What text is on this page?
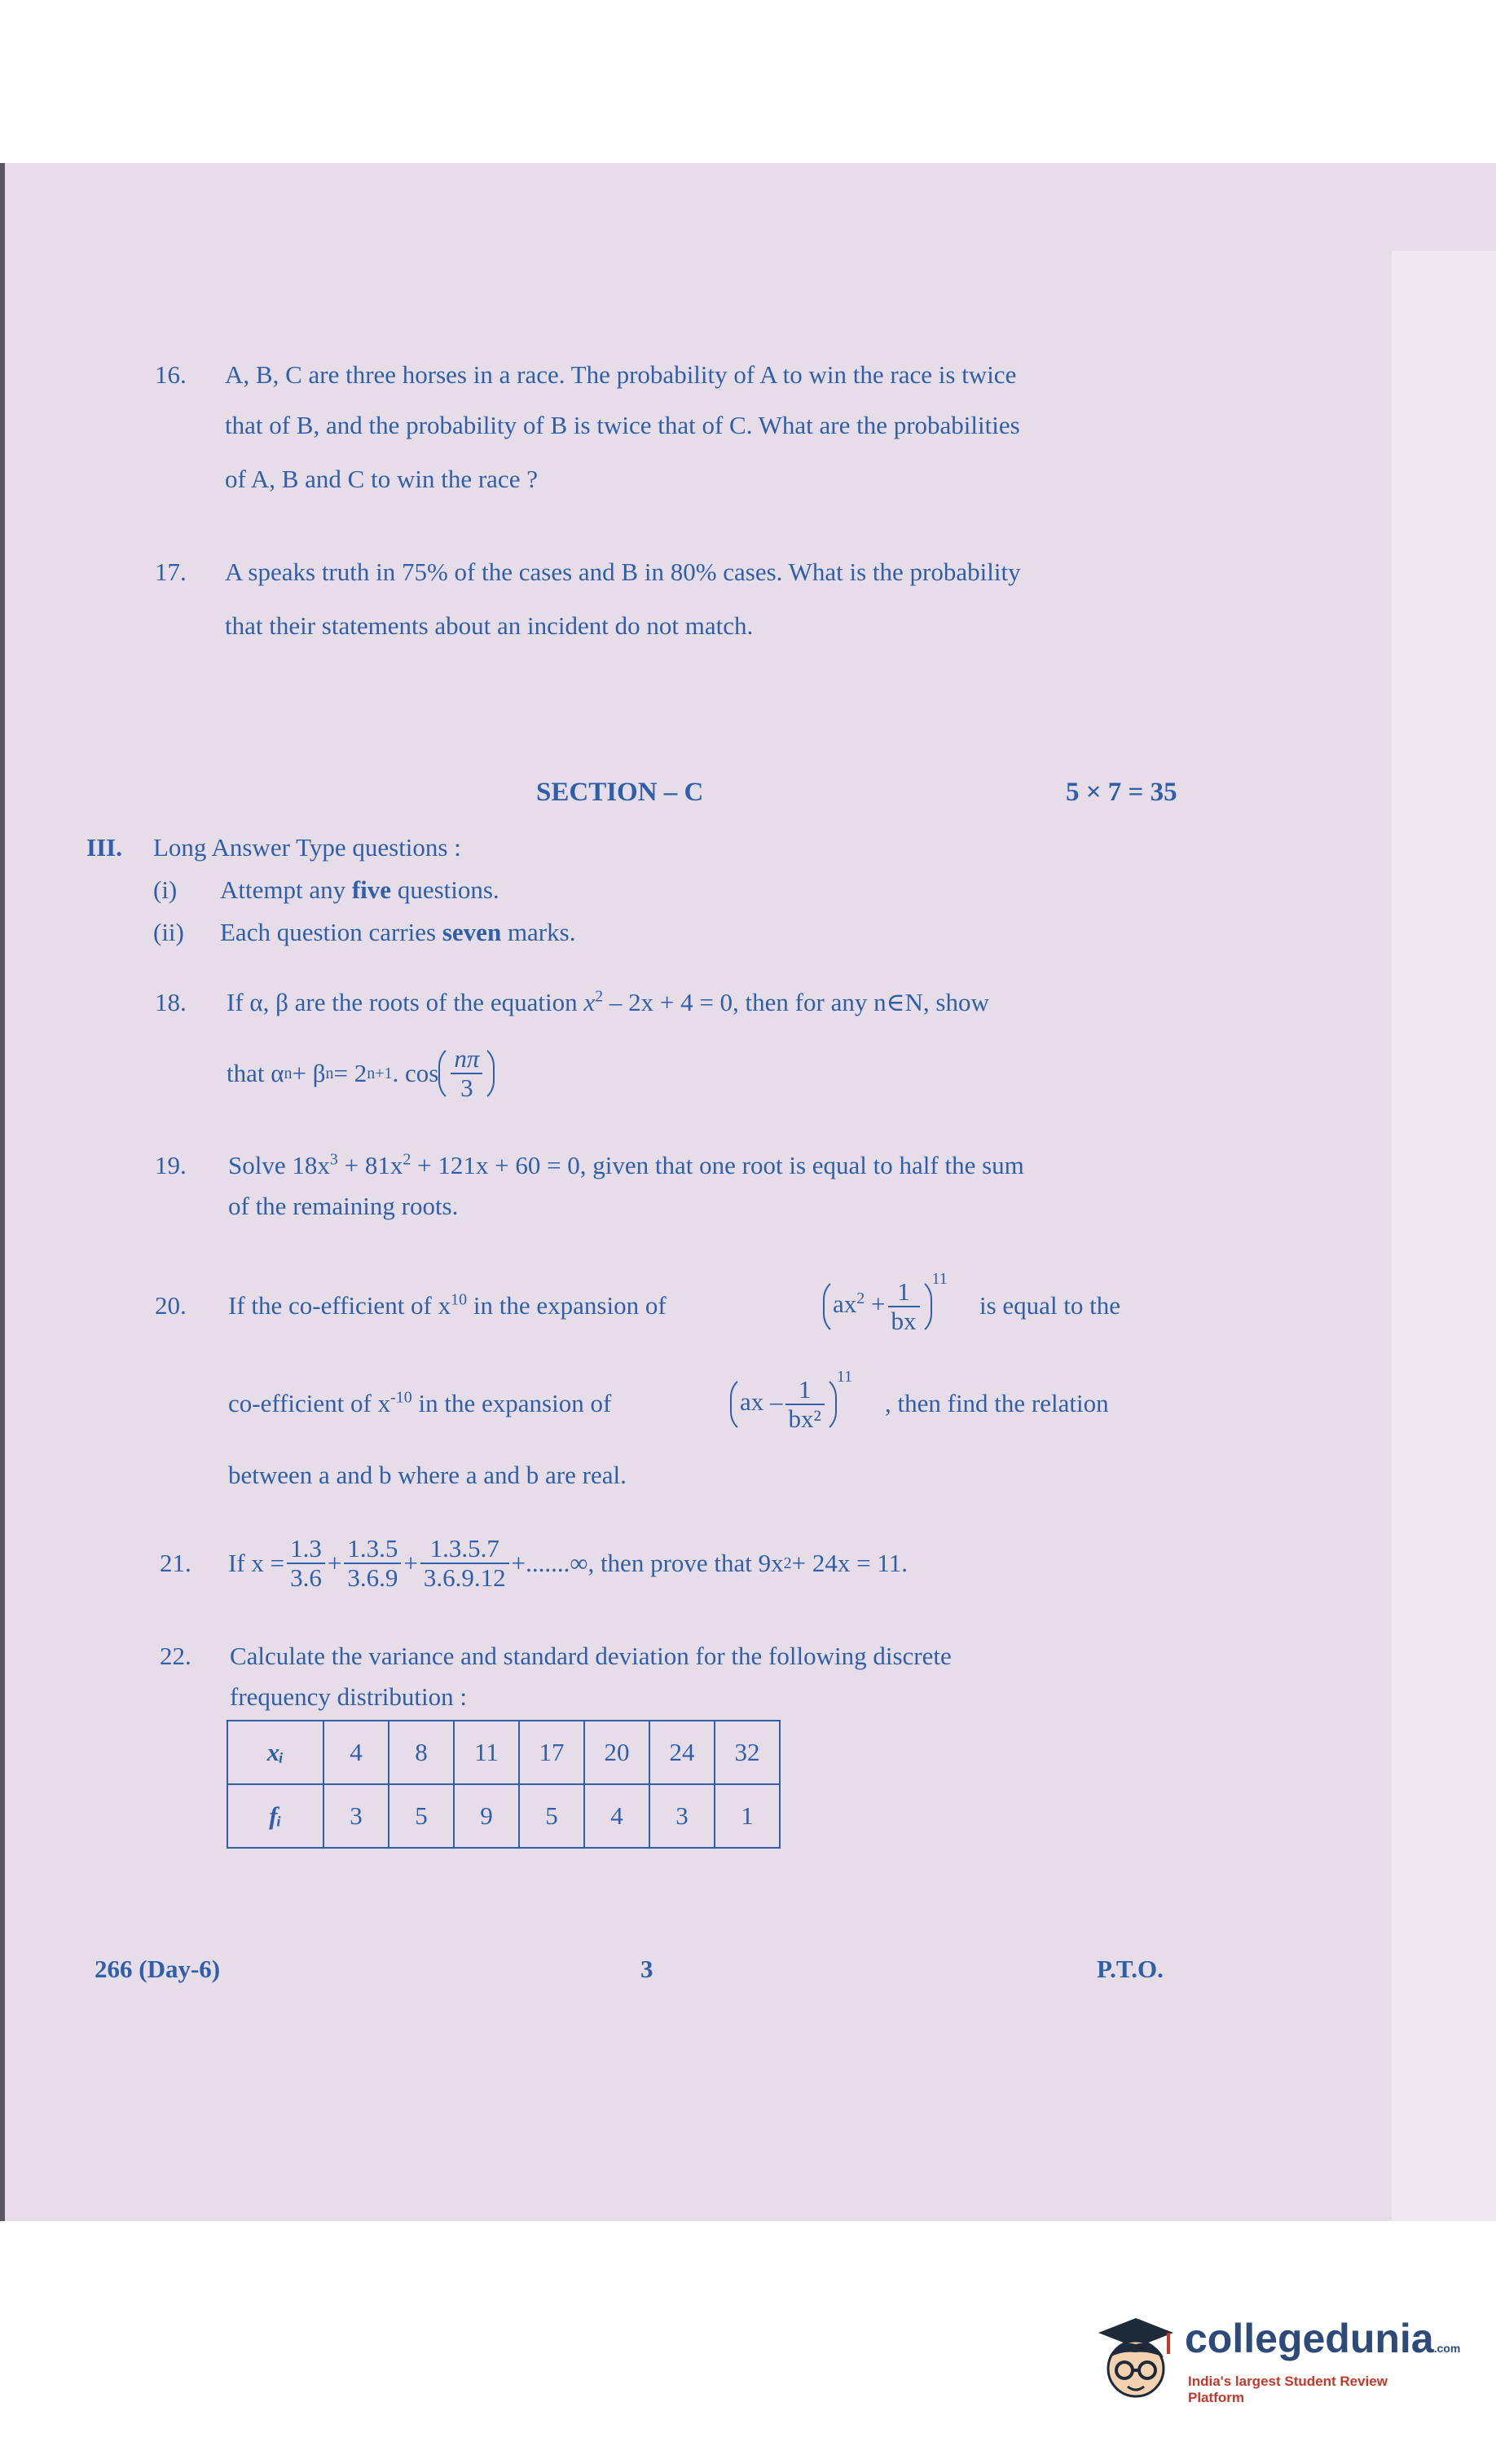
16. A, B, C are three horses in a race. The probability of A to win the race is twice
that of B, and the probability of B is twice that of C. What are the probabilities
of A, B and C to win the race ?
17. A speaks truth in 75% of the cases and B in 80% cases. What is the probability
that their statements about an incident do not match.
SECTION – C	5 × 7 = 35
III. Long Answer Type questions :
(i) Attempt any five questions.
(ii) Each question carries seven marks.
18. If α, β are the roots of the equation $x^2 - 2x + 4 = 0$, then for any n∈N, show
that α n + β n = 2 n+1 . $\cos \frac{n\pi}{3}$
19. Solve $18x^3 + 81x^2 + 121x + 60 = 0$, given that one root is equal to half the sum
of the remaining roots.
20. If the co-efficient of $x^{10}$ in the expansion of	$ax^2 + \frac{1}{bx} ^{11}$
is equal to the
co-efficient of $x^{-10}$ in the expansion of	ax – $\frac{1}{\text{bx²}} ^{11}$
, then find the relation
between a and b where a and b are real.
21. If $x = \frac{1.3}{3.6} + \frac{1.3.5}{3.6.9} + \frac{1.3.5.7}{3.6.9.12}$ +.......∞, then prove that 9x 2 + 24x = 11.
22. Calculate the variance and standard deviation for the following discrete
frequency distribution :
xᵢ	4	8	11	17	20	24	32
fᵢ	3	5	9	5	4	3	1
266 (Day-6)	3	P.T.O.
collegedunia.com
India's largest Student Review Platform
